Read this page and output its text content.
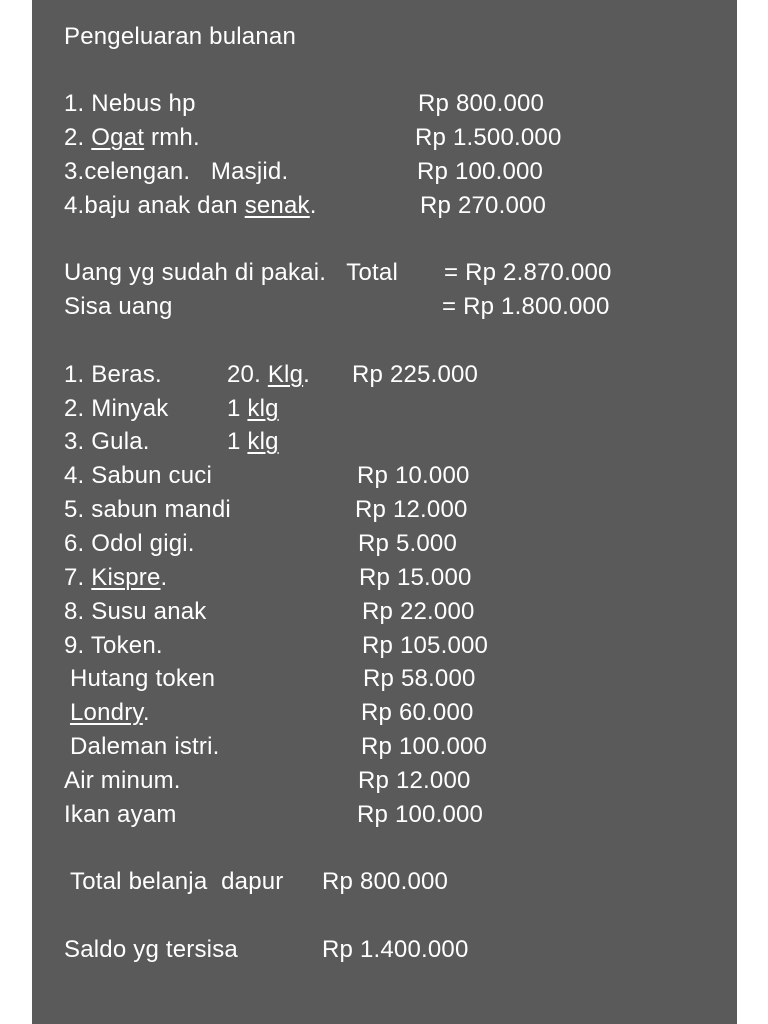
Pengeluaran bulanan
1. Nebus hp	Rp 800.000
2. Ogat rmh.	Rp 1.500.000
3.celengan.   Masjid.	Rp 100.000
4.baju anak dan senak.	Rp 270.000
Uang yg sudah di pakai.   Total = Rp 2.870.000
Sisa uang	= Rp 1.800.000
1. Beras.	20. Klg. Rp 225.000
2. Minyak 1 klg
3. Gula.	1 klg
4. Sabun cuci	Rp 10.000
5. sabun mandi	Rp 12.000
6. Odol gigi.	Rp 5.000
7. Kispre.	Rp 15.000
8. Susu anak	Rp 22.000
9. Token.	Rp 105.000
Hutang token	Rp 58.000
Londry.	Rp 60.000
Daleman istri.	Rp 100.000
Air minum.	Rp 12.000
Ikan ayam	Rp 100.000
Total belanja  dapur Rp 800.000
Saldo yg tersisa	Rp 1.400.000
